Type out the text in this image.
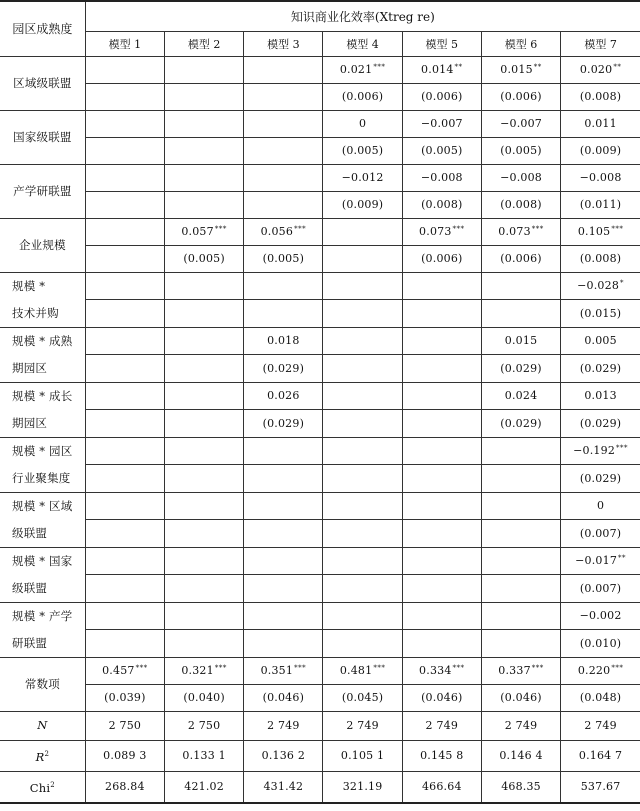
园区成熟度	知识商业化效率(Xtreg re)						
	模型 1	模型 2	模型 3	模型 4	模型 5	模型 6	模型 7
区域级联盟				0.021***	0.014**	0.015**	0.020**
				(0.006)	(0.006)	(0.006)	(0.008)
国家级联盟				0	−0.007	−0.007	0.011
				(0.005)	(0.005)	(0.005)	(0.009)
产学研联盟				−0.012	−0.008	−0.008	−0.008
				(0.009)	(0.008)	(0.008)	(0.011)
企业规模		0.057***	0.056***		0.073***	0.073***	0.105***
		(0.005)	(0.005)		(0.006)	(0.006)	(0.008)
规模 *
技术并购							−0.028*
							(0.015)
规模 * 成熟
期园区			0.018			0.015	0.005
			(0.029)			(0.029)	(0.029)
规模 * 成长
期园区			0.026			0.024	0.013
			(0.029)			(0.029)	(0.029)
规模 * 园区
行业聚集度							−0.192***
							(0.029)
规模 * 区域
级联盟							0
							(0.007)
规模 * 国家
级联盟							−0.017**
							(0.007)
规模 * 产学
研联盟							−0.002
							(0.010)
常数项	0.457***	0.321***	0.351***	0.481***	0.334***	0.337***	0.220***
	(0.039)	(0.040)	(0.046)	(0.045)	(0.046)	(0.046)	(0.048)
N	2 750	2 750	2 749	2 749	2 749	2 749	2 749
$R^2$	0.089 3	0.133 1	0.136 2	0.105 1	0.145 8	0.146 4	0.164 7
Chi$^2$	268.84	421.02	431.42	321.19	466.64	468.35	537.67
